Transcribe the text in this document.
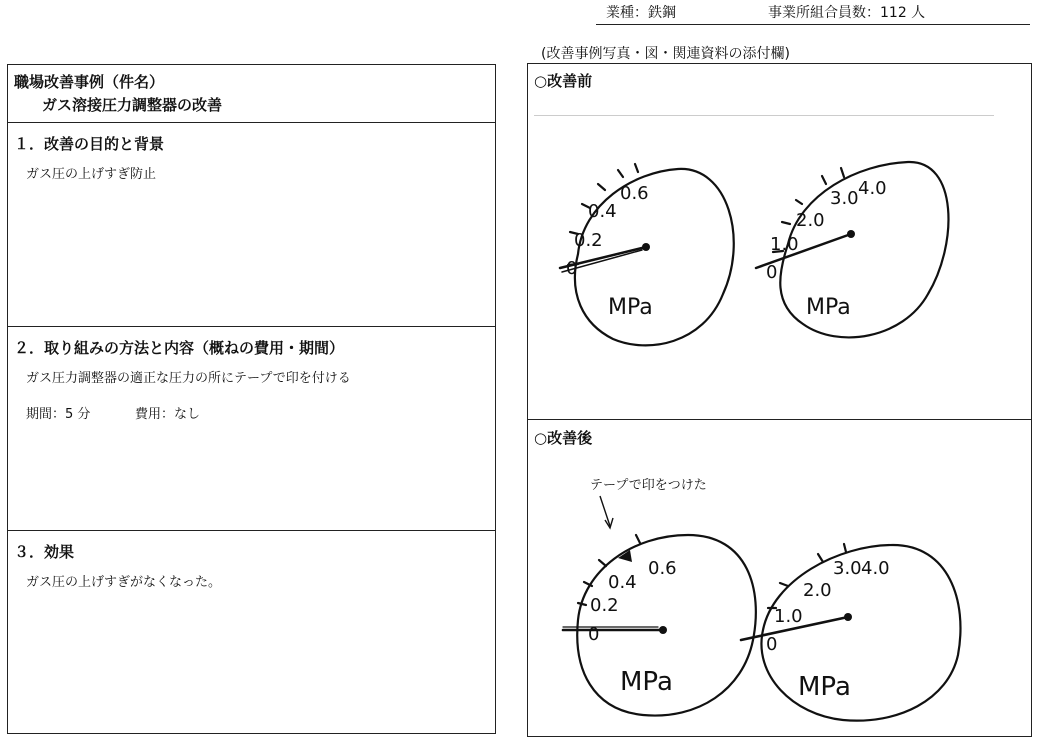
業種：鉄鋼	事業所組合員数：112 人
(改善事例写真・図・関連資料の添付欄)
職場改善事例（件名）
ガス溶接圧力調整器の改善
１．改善の目的と背景
ガス圧の上げすぎ防止
２．取り組みの方法と内容（概ねの費用・期間）
ガス圧力調整器の適正な圧力の所にテープで印を付ける
期間：5 分	費用：なし
３．効果
ガス圧の上げすぎがなくなった。
○改善前
0
0.2
0.4
0.6
MPa
0
1.0
2.0
3.0 4.0
MPa
○改善後
テープで印をつけた
0
0.2
0.4
0.6
MPa
0
1.0
2.0
3.0 4.0
MPa
